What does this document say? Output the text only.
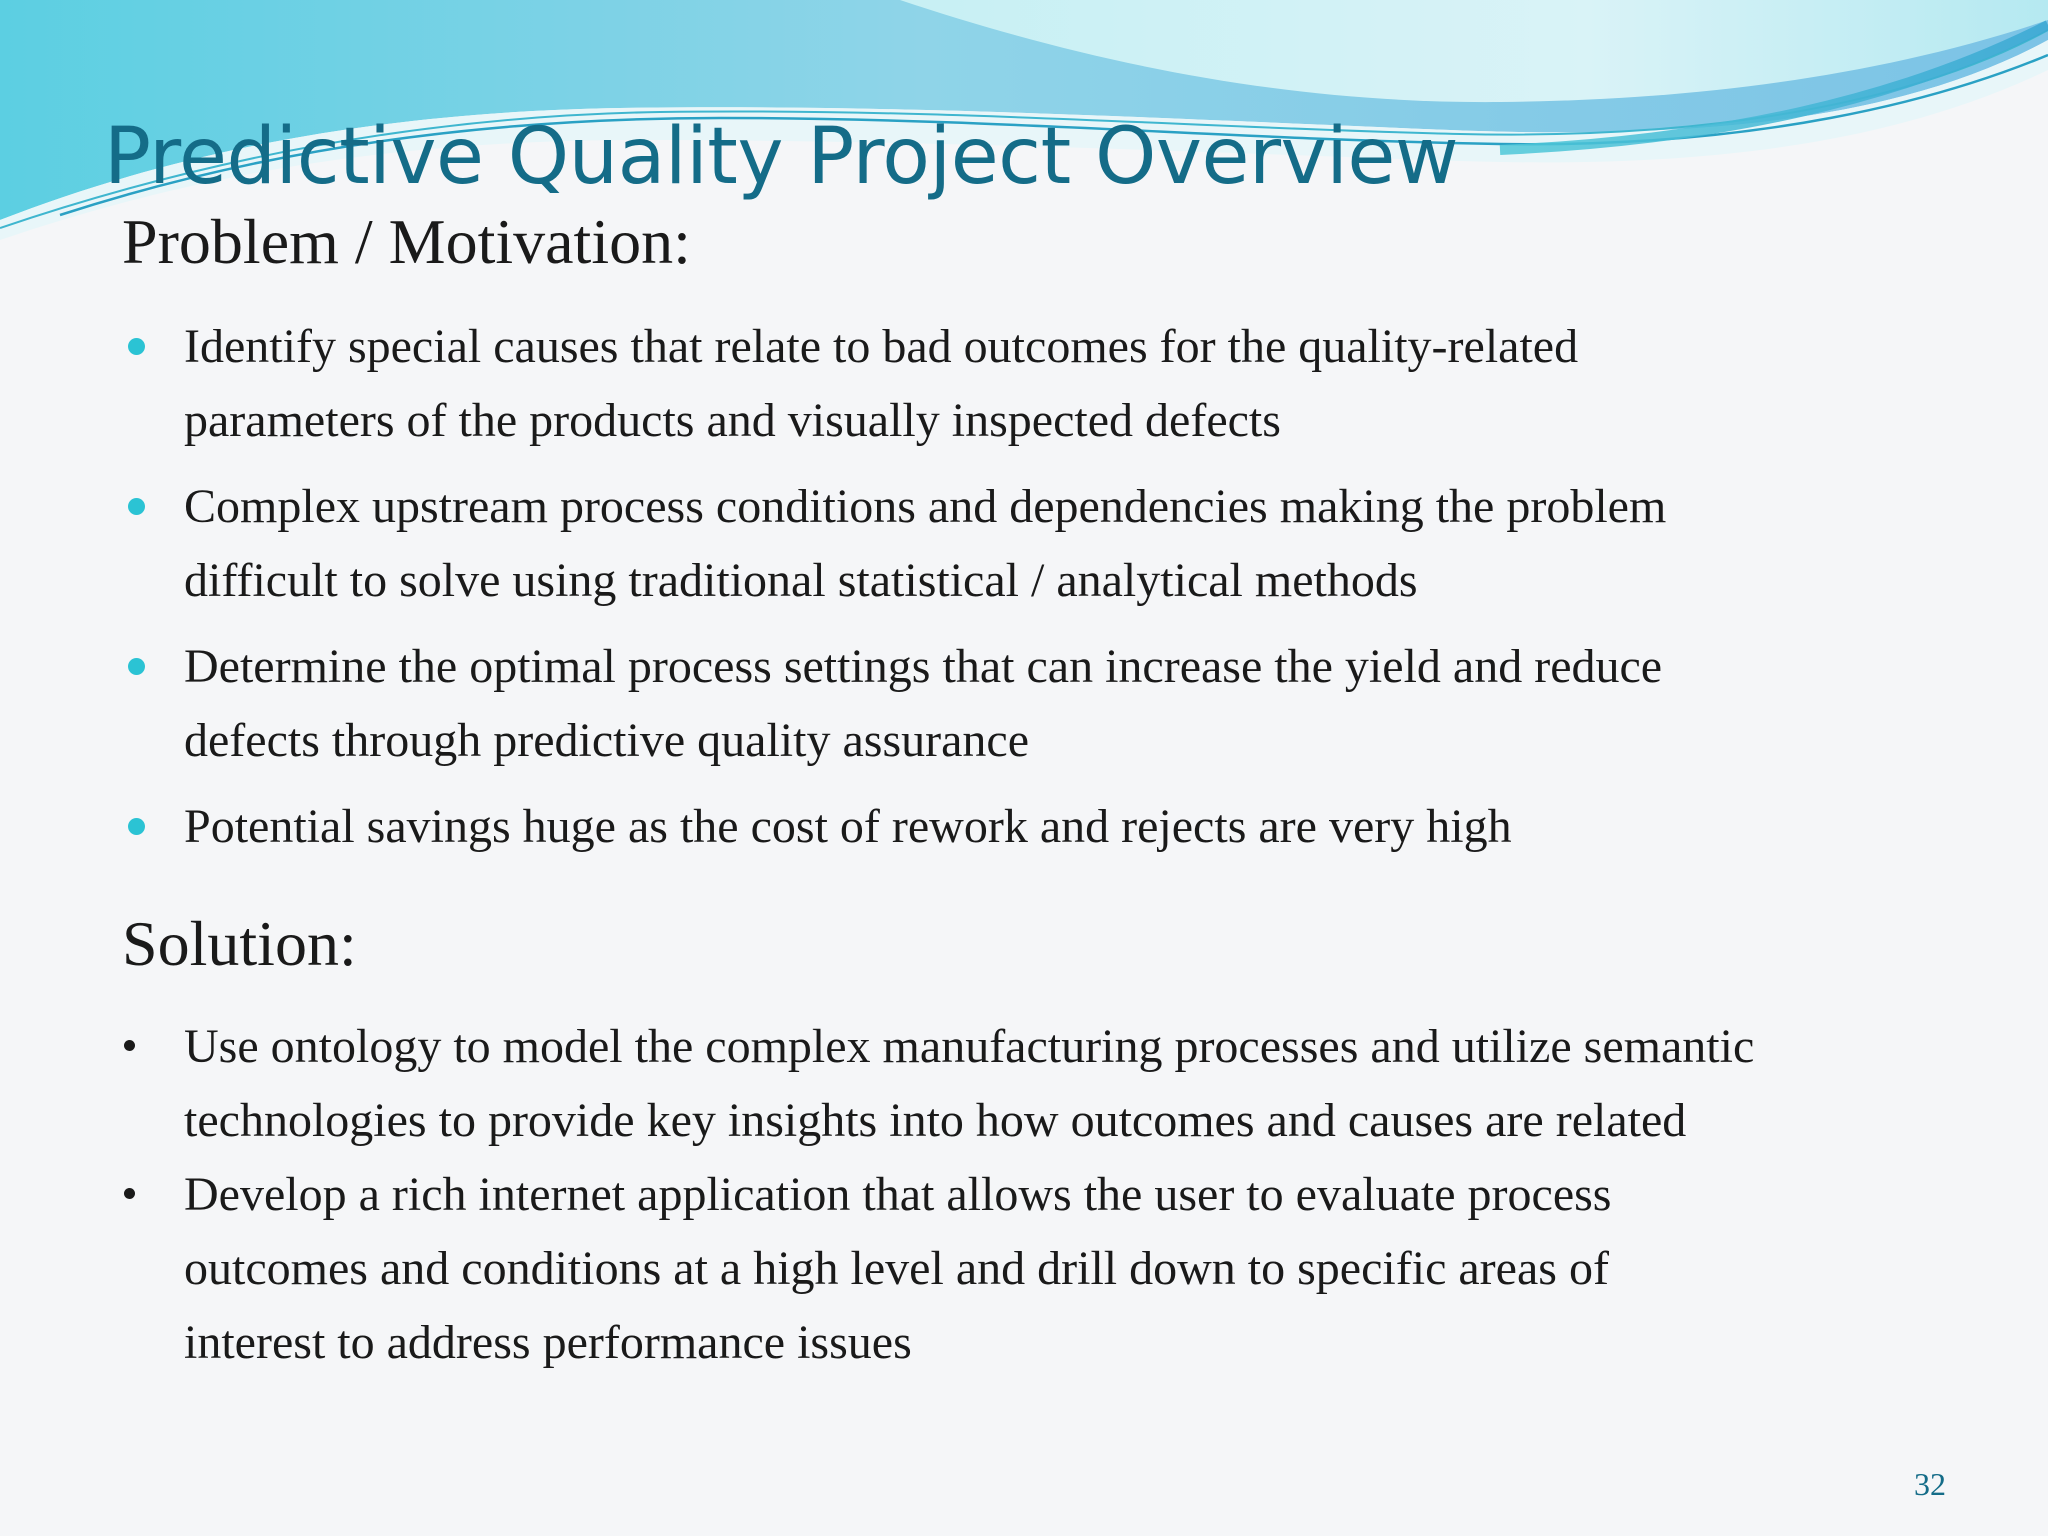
Predictive Quality Project Overview
Problem / Motivation:
Identify special causes that relate to bad outcomes for the quality-related parameters of the products and visually inspected defects
Complex upstream process conditions and dependencies making the problem difficult to solve using traditional statistical / analytical methods
Determine the optimal process settings that can increase the yield and reduce defects through predictive quality assurance
Potential savings huge as the cost of rework and rejects are very high
Solution:
Use ontology to model the complex manufacturing processes and utilize semantic technologies to provide key insights into how outcomes and causes are related
Develop a rich internet application that allows the user to evaluate process outcomes and conditions at a high level and drill down to specific areas of interest to address performance issues
32
